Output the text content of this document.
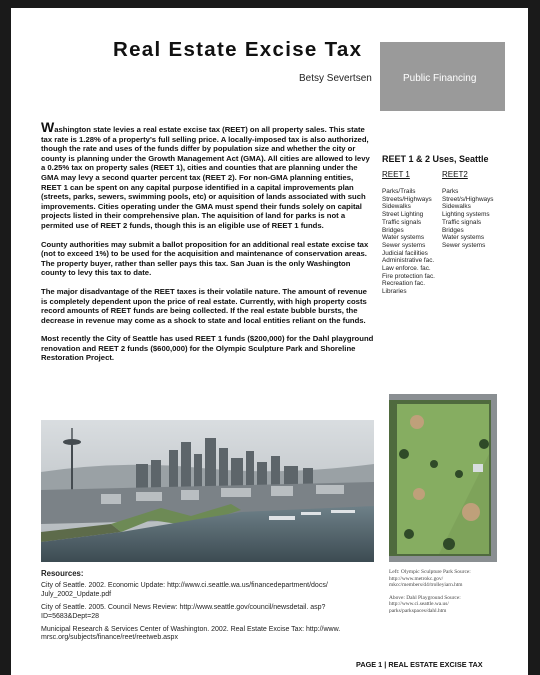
Real Estate Excise Tax
Betsy Severtsen	Public Financing

Washington state levies a real estate excise tax (REET) on all property sales. This state tax rate is 1.28% of a property's full selling price. A locally-imposed tax is also authorized, though the rate and uses of the funds differ by population size and whether the city or county is planning under the Growth Management Act (GMA). All cities are allowed to levy a 0.25% tax on property sales (REET 1), cities and counties that are planning under the GMA may levy a second quarter percent tax (REET 2). For non-GMA planning entities, REET 1 can be spent on any capital purpose identified in a capital improvements plan (streets, parks, sewers, swimming pools, etc) or aquisition of lands associated with such improvements. Cities operating under the GMA must spend their funds solely on capital projects listed in their comprehensive plan. The aquisition of land for parks is not a permited use of REET 2 funds, though this is an eligible use of REET 1 funds.

County authorities may submit a ballot proposition for an additional real estate excise tax (not to exceed 1%) to be used for the acquisition and maintenance of conservation areas. The property buyer, rather than seller pays this tax. San Juan is the only Washington county to levy this tax to date.

The major disadvantage of the REET taxes is their volatile nature. The amount of revenue is completely dependent upon the price of real estate. Currently, with high property costs record amounts of REET funds are being collected. If the real estate bubble bursts, the decrease in revenue may come as a shock to state and local entities reliant on the funds.

Most recently the City of Seattle has used REET 1 funds ($200,000) for the Dahl playground renovation and REET 2 funds ($600,000) for the Olympic Sculpture Park and Shoreline Restoration Project.

REET 1 & 2 Uses, Seattle
REET 1	REET2
Parks/Trails
Streets/Highways
Sidewalks
Street Lighting
Traffic signals
Bridges
Water systems
Sewer systems
Judicial facilities
Administrative fac.
Law enforce. fac.
Fire protection fac.
Recreation fac.
Libraries
Parks
Street/s/Highways
Sidewalks
Lighting systems
Traffic signals
Bridges
Water systems
Sewer systems
Resources:

City of Seattle. 2002. Economic Update: http://www.ci.seattle.wa.us/financedepartment/docs/ July_2002_Update.pdf

City of Seattle. 2005. Council News Review: http://www.seattle.gov/council/newsdetail. asp?ID=5683&Dept=28

Municipal Research & Services Center of Washington. 2002. Real Estate Excise Tax: http://www. mrsc.org/subjects/finance/reet/reetweb.aspx

Left: Olympic Sculpture Park Source: http://www.metrokc.gov/ mkcc/members/d4/trolleyiarn.htm

Above: Dahl Playground Source: http://www.ci.seattle.wa.us/ parks/parkspaces/dahl.htm

PAGE 1 | REAL ESTATE EXCISE TAX
